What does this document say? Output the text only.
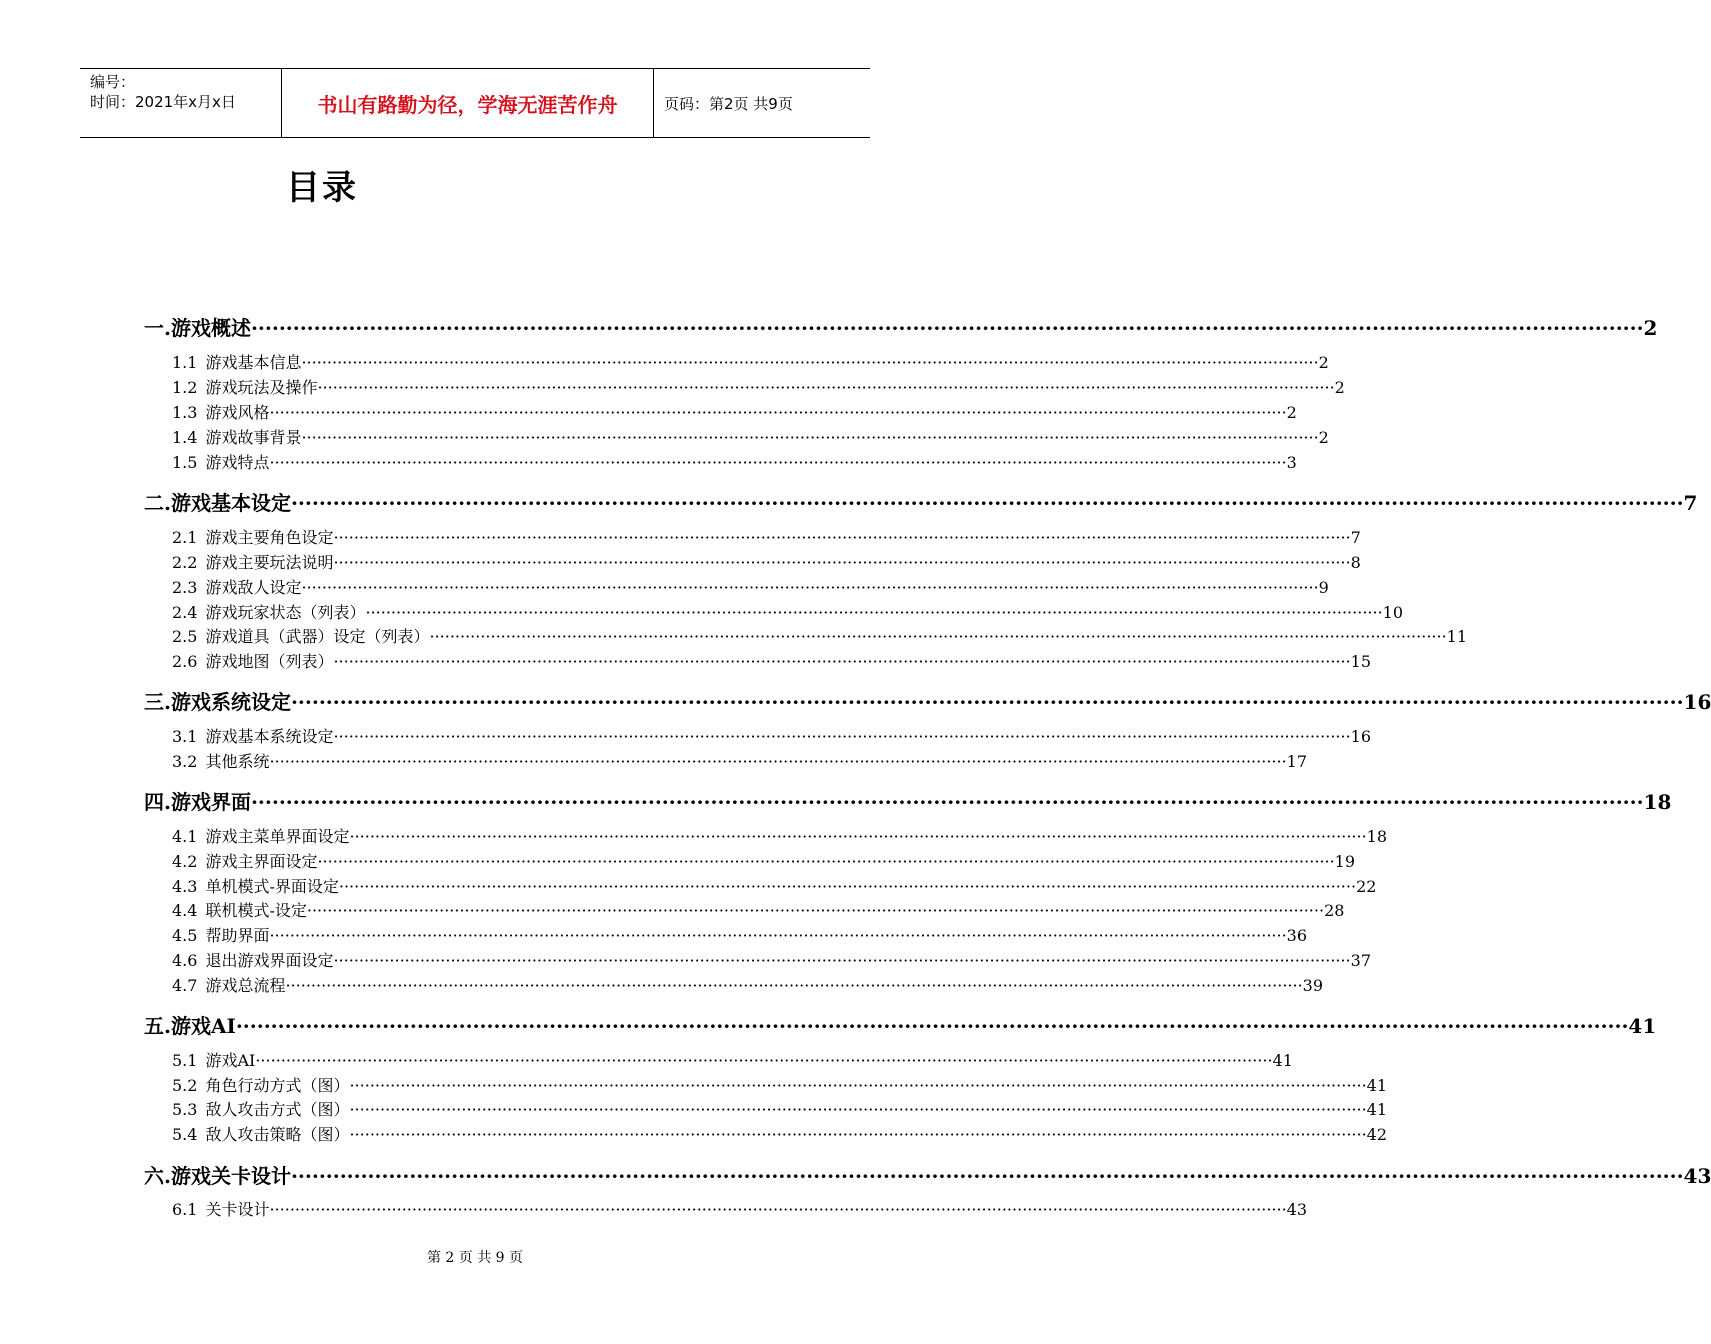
编号：
时间：2021年x月x日	书山有路勤为径，学海无涯苦作舟	页码：第2页 共9页
目录
一. 游戏概述 ········································································································································································································ 2
1.1 游戏基本信息 ········································································································································································································ 2
1.2 游戏玩法及操作 ········································································································································································································ 2
1.3 游戏风格 ········································································································································································································ 2
1.4 游戏故事背景 ········································································································································································································ 2
1.5 游戏特点 ········································································································································································································ 3
二. 游戏基本设定 ········································································································································································································ 7
2.1 游戏主要角色设定 ········································································································································································································ 7
2.2 游戏主要玩法说明 ········································································································································································································ 8
2.3 游戏敌人设定 ········································································································································································································ 9
2.4 游戏玩家状态（列表） ········································································································································································································ 10
2.5 游戏道具（武器）设定（列表） ········································································································································································································ 11
2.6 游戏地图（列表） ········································································································································································································ 15
三. 游戏系统设定 ········································································································································································································ 16
3.1 游戏基本系统设定 ········································································································································································································ 16
3.2 其他系统 ········································································································································································································ 17
四. 游戏界面 ········································································································································································································ 18
4.1 游戏主菜单界面设定 ········································································································································································································ 18
4.2 游戏主界面设定 ········································································································································································································ 19
4.3 单机模式-界面设定 ········································································································································································································ 22
4.4 联机模式-设定 ········································································································································································································ 28
4.5 帮助界面 ········································································································································································································ 36
4.6 退出游戏界面设定 ········································································································································································································ 37
4.7 游戏总流程 ········································································································································································································ 39
五. 游戏AI ········································································································································································································ 41
5.1 游戏AI ········································································································································································································ 41
5.2 角色行动方式（图） ········································································································································································································ 41
5.3 敌人攻击方式（图） ········································································································································································································ 41
5.4 敌人攻击策略（图） ········································································································································································································ 42
六. 游戏关卡设计 ········································································································································································································ 43
6.1 关卡设计 ········································································································································································································ 43
第 2 页 共 9 页
